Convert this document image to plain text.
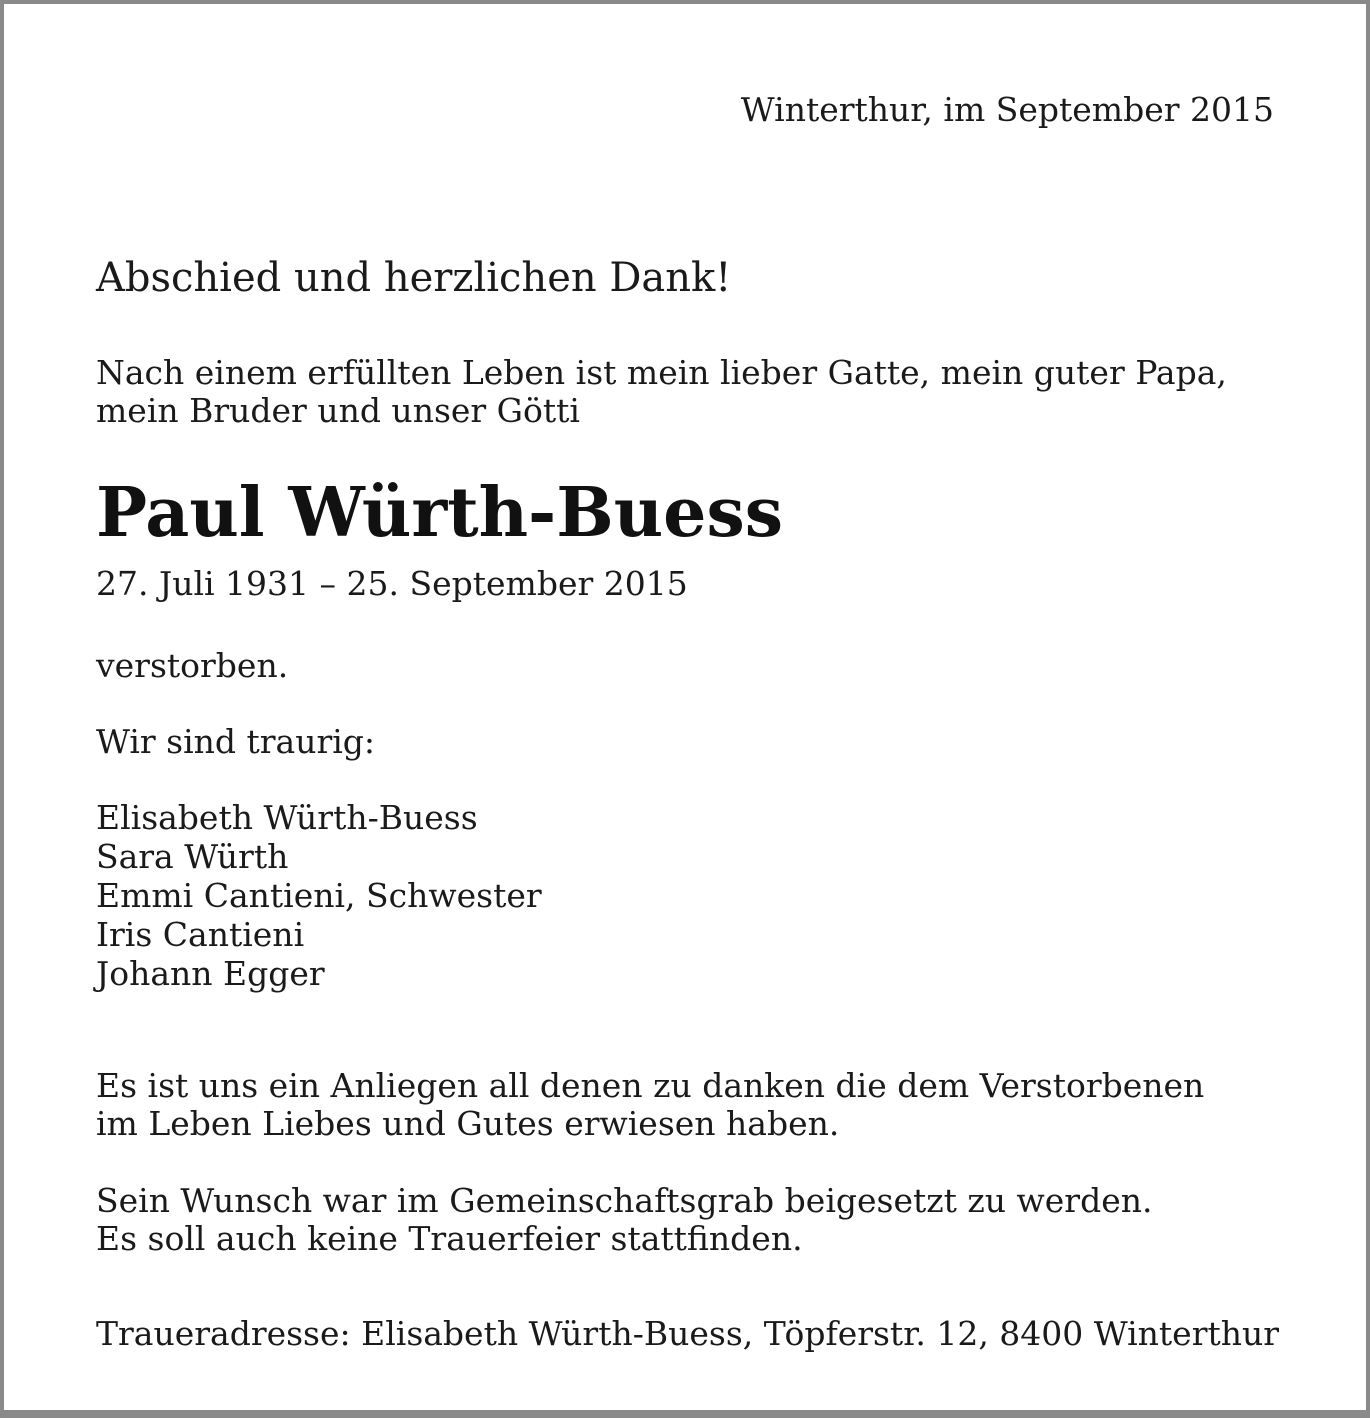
Winterthur, im September 2015

Abschied und herzlichen Dank!

Nach einem erfüllten Leben ist mein lieber Gatte, mein guter Papa,
mein Bruder und unser Götti

Paul Würth-Buess

27. Juli 1931 – 25. September 2015

verstorben.

Wir sind traurig:

Elisabeth Würth-Buess
Sara Würth
Emmi Cantieni, Schwester
Iris Cantieni
Johann Egger
Es ist uns ein Anliegen all denen zu danken die dem Verstorbenen
im Leben Liebes und Gutes erwiesen haben.
Sein Wunsch war im Gemeinschaftsgrab beigesetzt zu werden.
Es soll auch keine Trauerfeier stattfinden.

Traueradresse: Elisabeth Würth-Buess, Töpferstr. 12, 8400 Winterthur
